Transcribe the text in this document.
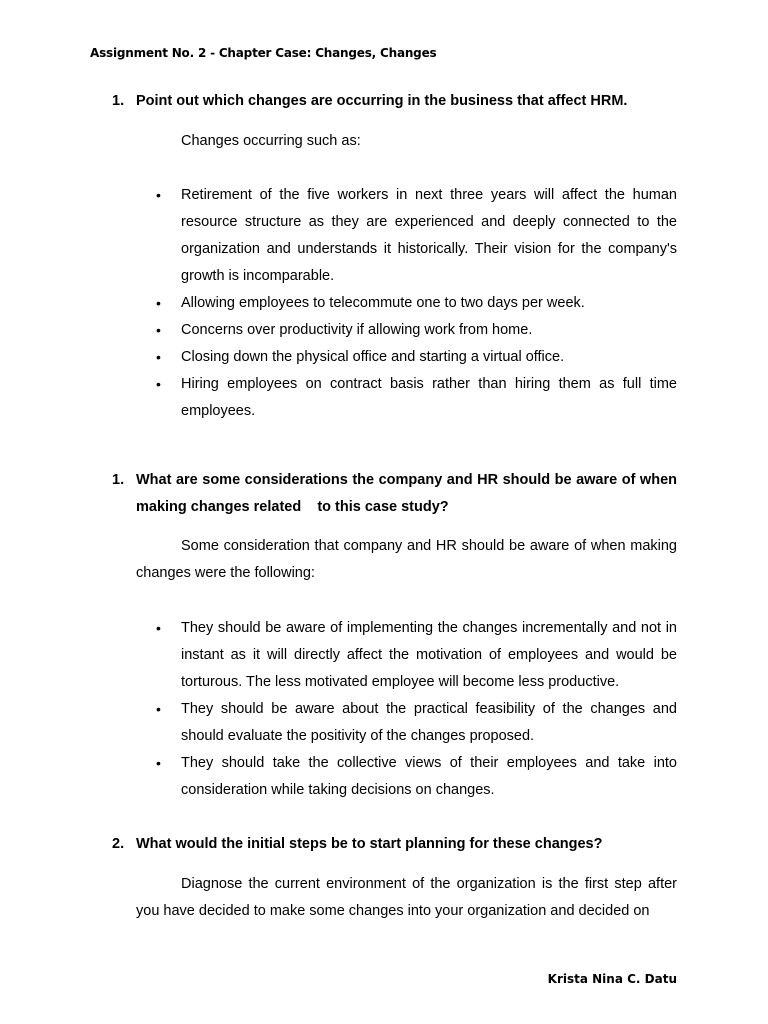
Assignment No. 2 - Chapter Case: Changes, Changes
1. Point out which changes are occurring in the business that affect HRM.
Changes occurring such as:
• Retirement of the five workers in next three years will affect the human resource structure as they are experienced and deeply connected to the organization and understands it historically. Their vision for the company's growth is incomparable.
• Allowing employees to telecommute one to two days per week.
• Concerns over productivity if allowing work from home.
• Closing down the physical office and starting a virtual office.
• Hiring employees on contract basis rather than hiring them as full time employees.
1. What are some considerations the company and HR should be aware of when making changes related    to this case study?
Some consideration that company and HR should be aware of when making changes were the following:
• They should be aware of implementing the changes incrementally and not in instant as it will directly affect the motivation of employees and would be torturous. The less motivated employee will become less productive.
• They should be aware about the practical feasibility of the changes and should evaluate the positivity of the changes proposed.
• They should take the collective views of their employees and take into consideration while taking decisions on changes.
2. What would the initial steps be to start planning for these changes?
Diagnose the current environment of the organization is the first step after you have decided to make some changes into your organization and decided on
Krista Nina C. Datu
